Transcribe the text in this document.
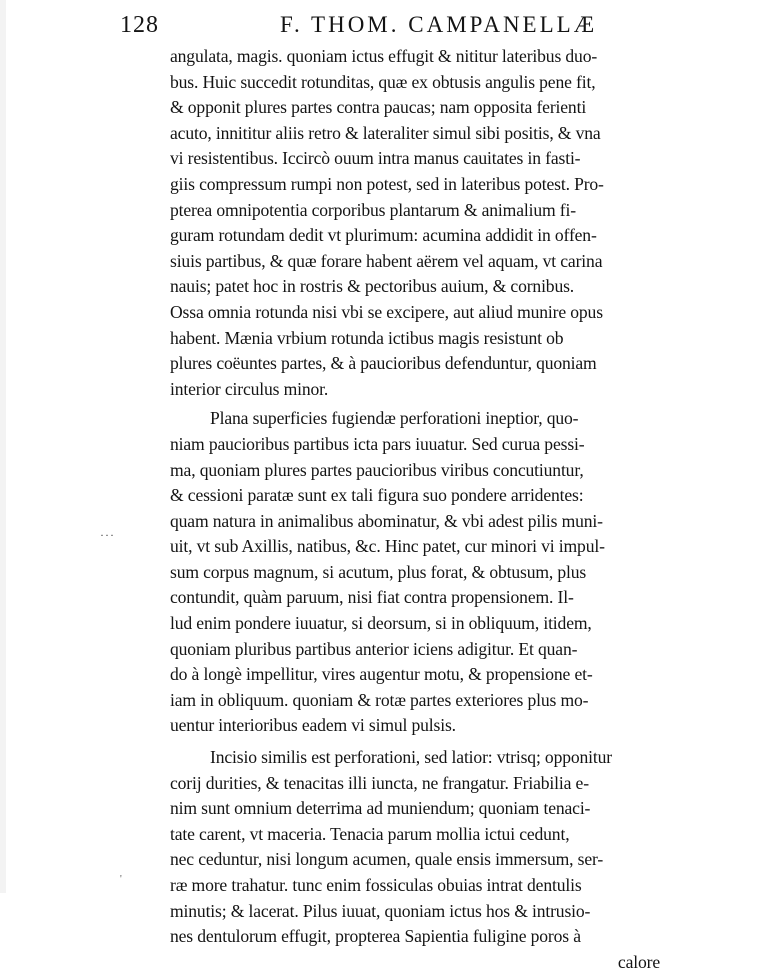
128	F. THOM. CAMPANELLÆ
angulata, magis. quoniam ictus effugit & nititur lateribus duo-
bus. Huic succedit rotunditas, quæ ex obtusis angulis pene fit,
& opponit plures partes contra paucas; nam opposita ferienti
acuto, innititur aliis retro & lateraliter simul sibi positis, & vna
vi resistentibus. Iccircò ouum intra manus cauitates in fasti-
giis compressum rumpi non potest, sed in lateribus potest. Pro-
pterea omnipotentia corporibus plantarum & animalium fi-
guram rotundam dedit vt plurimum: acumina addidit in offen-
siuis partibus, & quæ forare habent aërem vel aquam, vt carina
nauis; patet hoc in rostris & pectoribus auium, & cornibus.
Ossa omnia rotunda nisi vbi se excipere, aut aliud munire opus
habent. Mænia vrbium rotunda ictibus magis resistunt ob
plures coëuntes partes, & à paucioribus defenduntur, quoniam
interior circulus minor.
Plana superficies fugiendæ perforationi ineptior, quo-
niam paucioribus partibus icta pars iuuatur. Sed curua pessi-
ma, quoniam plures partes paucioribus viribus concutiuntur,
& cessioni paratæ sunt ex tali figura suo pondere arridentes:
quam natura in animalibus abominatur, & vbi adest pilis muni-
uit, vt sub Axillis, natibus, &c. Hinc patet, cur minori vi impul-
sum corpus magnum, si acutum, plus forat, & obtusum, plus
contundit, quàm paruum, nisi fiat contra propensionem. Il-
lud enim pondere iuuatur, si deorsum, si in obliquum, itidem,
quoniam pluribus partibus anterior iciens adigitur. Et quan-
do à longè impellitur, vires augentur motu, & propensione et-
iam in obliquum. quoniam & rotæ partes exteriores plus mo-
uentur interioribus eadem vi simul pulsis.
Incisio similis est perforationi, sed latior: vtrisq; opponitur
corij durities, & tenacitas illi iuncta, ne frangatur. Friabilia e-
nim sunt omnium deterrima ad muniendum; quoniam tenaci-
tate carent, vt maceria. Tenacia parum mollia ictui cedunt,
nec ceduntur, nisi longum acumen, quale ensis immersum, ser-
ræ more trahatur. tunc enim fossiculas obuias intrat dentulis
minutis; & lacerat. Pilus iuuat, quoniam ictus hos & intrusio-
nes dentulorum effugit, propterea Sapientia fuligine poros à
calore
···
'
